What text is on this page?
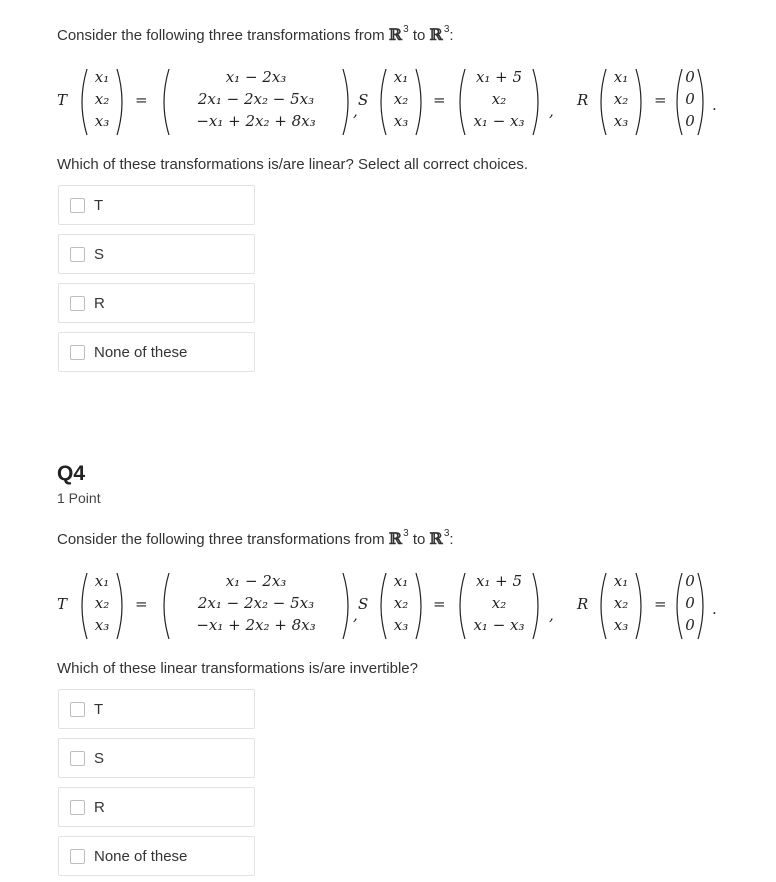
Consider the following three transformations from ℝ$^3$ to ℝ$^3$:
T
x₁
x₂
x₃
=
x₁ − 2x₃
2x₁ − 2x₂ − 5x₃
−x₁ + 2x₂ + 8x₃
,
S
x₁
x₂
x₃
=
x₁ + 5
x₂
x₁ − x₃
,
R
x₁
x₂
x₃
=
0
0
0
.
Which of these transformations is/are linear? Select all correct choices.
T
S
R
None of these
Q4
1 Point
Consider the following three transformations from ℝ$^3$ to ℝ$^3$:
T
x₁
x₂
x₃
=
x₁ − 2x₃
2x₁ − 2x₂ − 5x₃
−x₁ + 2x₂ + 8x₃
,
S
x₁
x₂
x₃
=
x₁ + 5
x₂
x₁ − x₃
,
R
x₁
x₂
x₃
=
0
0
0
.
Which of these linear transformations is/are invertible?
T
S
R
None of these
